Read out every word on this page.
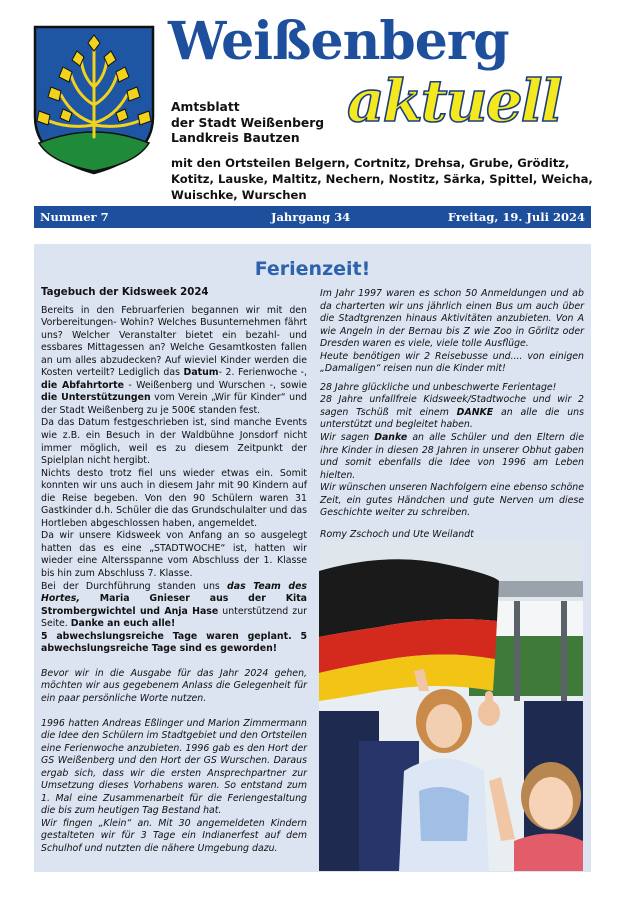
Weißenberg
aktuell
Amtsblatt
der Stadt Weißenberg
Landkreis Bautzen
mit den Ortsteilen Belgern, Cortnitz, Drehsa, Grube, Gröditz, Kotitz, Lauske, Maltitz, Nechern, Nostitz, Särka, Spittel, Weicha, Wuischke, Wurschen
Nummer 7	Jahrgang 34	Freitag, 19. Juli 2024
Ferienzeit!

Tagebuch der Kidsweek 2024

Bereits in den Februarferien begannen wir mit den Vorbereitungen- Wohin? Welches Busunternehmen fährt uns? Welcher Veranstalter bietet ein bezahl- und essbares Mittagessen an? Welche Gesamtkosten fallen an um alles abzudecken? Auf wieviel Kinder werden die Kosten verteilt? Lediglich das Datum- 2. Ferienwoche -, die Abfahrtorte - Weißenberg und Wurschen -, sowie die Unterstützungen vom Verein „Wir für Kinder“ und der Stadt Weißenberg zu je 500€ standen fest.

Da das Datum festgeschrieben ist, sind manche Events wie z.B. ein Besuch in der Waldbühne Jonsdorf nicht immer möglich, weil es zu diesem Zeitpunkt der Spielplan nicht hergibt.

Nichts desto trotz fiel uns wieder etwas ein. Somit konnten wir uns auch in diesem Jahr mit 90 Kindern auf die Reise begeben. Von den 90 Schülern waren 31 Gastkinder d.h. Schüler die das Grundschulalter und das Hortleben abgeschlossen haben, angemeldet.

Da wir unsere Kidsweek von Anfang an so ausgelegt hatten das es eine „STADTWOCHE“ ist, hatten wir wieder eine Altersspanne vom Abschluss der 1. Klasse bis hin zum Abschluss 7. Klasse.

Bei der Durchführung standen uns das Team des Hortes, Maria Gnieser aus der Kita Strombergwichtel und Anja Hase unterstützend zur Seite. Danke an euch alle!

5 abwechslungsreiche Tage waren geplant. 5 abwechslungsreiche Tage sind es geworden!

Bevor wir in die Ausgabe für das Jahr 2024 gehen, möchten wir aus gegebenem Anlass die Gelegenheit für ein paar persönliche Worte nutzen.

1996 hatten Andreas Eßlinger und Marion Zimmermann die Idee den Schülern im Stadtgebiet und den Ortsteilen eine Ferienwoche anzubieten. 1996 gab es den Hort der GS Weißenberg und den Hort der GS Wurschen. Daraus ergab sich, dass wir die ersten Ansprechpartner zur Umsetzung dieses Vorhabens waren. So entstand zum 1. Mal eine Zusammenarbeit für die Feriengestaltung die bis zum heutigen Tag Bestand hat.

Wir fingen „Klein“ an. Mit 30 angemeldeten Kindern gestalteten wir für 3 Tage ein Indianerfest auf dem Schulhof und nutzten die nähere Umgebung dazu.

Im Jahr 1997 waren es schon 50 Anmeldungen und ab da charterten wir uns jährlich einen Bus um auch über die Stadtgrenzen hinaus Aktivitäten anzubieten. Von A wie Angeln in der Bernau bis Z wie Zoo in Görlitz oder Dresden waren es viele, viele tolle Ausflüge.

Heute benötigen wir 2 Reisebusse und.... von einigen „Damaligen“ reisen nun die Kinder mit!

28 Jahre glückliche und unbeschwerte Ferientage!

28 Jahre unfallfreie Kidsweek/Stadtwoche und wir 2 sagen Tschüß mit einem DANKE an alle die uns unterstützt und begleitet haben.

Wir sagen Danke an alle Schüler und den Eltern die ihre Kinder in diesen 28 Jahren in unserer Obhut gaben und somit ebenfalls die Idee von 1996 am Leben hielten.

Wir wünschen unseren Nachfolgern eine ebenso schöne Zeit, ein gutes Händchen und gute Nerven um diese Geschichte weiter zu schreiben.

Romy Zschoch und Ute Weilandt
